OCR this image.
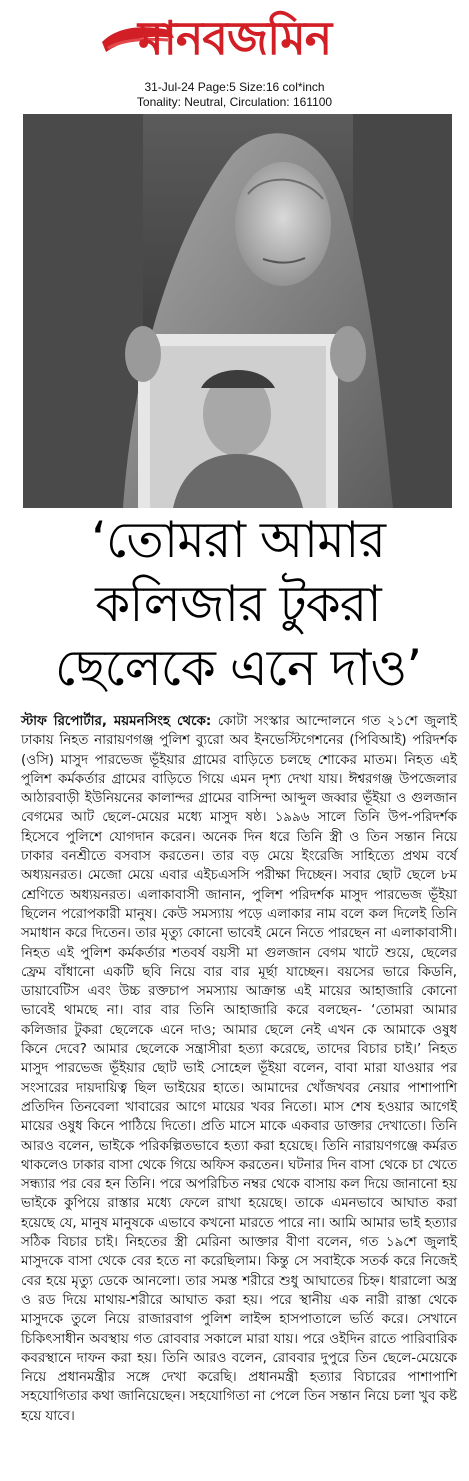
মানবজমিন
31-Jul-24 Page:5 Size:16 col*inch
Tonality: Neutral, Circulation: 161100
‘তোমরা আমার
কলিজার টুকরা
ছেলেকে এনে দাও’
স্টাফ রিপোর্টার, ময়মনসিংহ থেকে: কোটা সংস্কার আন্দোলনে গত ২১শে জুলাই ঢাকায় নিহত নারায়ণগঞ্জ পুলিশ ব্যুরো অব ইনভেস্টিগেশনের (পিবিআই) পরিদর্শক (ওসি) মাসুদ পারভেজ ভূঁইয়ার গ্রামের বাড়িতে চলছে শোকের মাতম। নিহত এই পুলিশ কর্মকর্তার গ্রামের বাড়িতে গিয়ে এমন দৃশ্য দেখা যায়। ঈশ্বরগঞ্জ উপজেলার আঠারবাড়ী ইউনিয়নের কালান্দর গ্রামের বাসিন্দা আব্দুল জব্বার ভূঁইয়া ও গুলজান বেগমের আট ছেলে-মেয়ের মধ্যে মাসুদ ষষ্ঠ। ১৯৯৬ সালে তিনি উপ-পরিদর্শক হিসেবে পুলিশে যোগদান করেন। অনেক দিন ধরে তিনি স্ত্রী ও তিন সন্তান নিয়ে ঢাকার বনশ্রীতে বসবাস করতেন। তার বড় মেয়ে ইংরেজি সাহিত্যে প্রথম বর্ষে অধ্যয়নরত। মেজো মেয়ে এবার এইচএসসি পরীক্ষা দিচ্ছেন। সবার ছোট ছেলে ৮ম শ্রেণিতে অধ্যয়নরত। এলাকাবাসী জানান, পুলিশ পরিদর্শক মাসুদ পারভেজ ভূঁইয়া ছিলেন পরোপকারী মানুষ। কেউ সমস্যায় পড়ে এলাকার নাম বলে কল দিলেই তিনি সমাধান করে দিতেন। তার মৃত্যু কোনো ভাবেই মেনে নিতে পারছেন না এলাকাবাসী। নিহত এই পুলিশ কর্মকর্তার শতবর্ষ বয়সী মা গুলজান বেগম খাটে শুয়ে, ছেলের ফ্রেম বাঁধানো একটি ছবি নিয়ে বার বার মূর্ছা যাচ্ছেন। বয়সের ভারে কিডনি, ডায়াবেটিস এবং উচ্চ রক্তচাপ সমস্যায় আক্রান্ত এই মায়ের আহাজারি কোনো ভাবেই থামছে না। বার বার তিনি আহাজারি করে বলছেন- ‘তোমরা আমার কলিজার টুকরা ছেলেকে এনে দাও; আমার ছেলে নেই এখন কে আমাকে ওষুধ কিনে দেবে? আমার ছেলেকে সন্ত্রাসীরা হত্যা করেছে, তাদের বিচার চাই।’ নিহত মাসুদ পারভেজ ভূঁইয়ার ছোট ভাই সোহেল ভূঁইয়া বলেন, বাবা মারা যাওয়ার পর সংসারের দায়দায়িত্ব ছিল ভাইয়ের হাতে। আমাদের খোঁজখবর নেয়ার পাশাপাশি প্রতিদিন তিনবেলা খাবারের আগে মায়ের খবর নিতো। মাস শেষ হওয়ার আগেই মায়ের ওষুধ কিনে পাঠিয়ে দিতো। প্রতি মাসে মাকে একবার ডাক্তার দেখাতো। তিনি আরও বলেন, ভাইকে পরিকল্পিতভাবে হত্যা করা হয়েছে। তিনি নারায়ণগঞ্জে কর্মরত থাকলেও ঢাকার বাসা থেকে গিয়ে অফিস করতেন। ঘটনার দিন বাসা থেকে চা খেতে সন্ধ্যার পর বের হন তিনি। পরে অপরিচিত নম্বর থেকে বাসায় কল দিয়ে জানানো হয় ভাইকে কুপিয়ে রাস্তার মধ্যে ফেলে রাখা হয়েছে। তাকে এমনভাবে আঘাত করা হয়েছে যে, মানুষ মানুষকে এভাবে কখনো মারতে পারে না। আমি আমার ভাই হত্যার সঠিক বিচার চাই। নিহতের স্ত্রী মেরিনা আক্তার বীণা বলেন, গত ১৯শে জুলাই মাসুদকে বাসা থেকে বের হতে না করেছিলাম। কিন্তু সে সবাইকে সতর্ক করে নিজেই বের হয়ে মৃত্যু ডেকে আনলো। তার সমস্ত শরীরে শুধু আঘাতের চিহ্ন। ধারালো অস্ত্র ও রড দিয়ে মাথায়-শরীরে আঘাত করা হয়। পরে স্থানীয় এক নারী রাস্তা থেকে মাসুদকে তুলে নিয়ে রাজারবাগ পুলিশ লাইন্স হাসপাতালে ভর্তি করে। সেখানে চিকিৎসাধীন অবস্থায় গত রোববার সকালে মারা যায়। পরে ওইদিন রাতে পারিবারিক কবরস্থানে দাফন করা হয়। তিনি আরও বলেন, রোববার দুপুরে তিন ছেলে-মেয়েকে নিয়ে প্রধানমন্ত্রীর সঙ্গে দেখা করেছি। প্রধানমন্ত্রী হত্যার বিচারের পাশাপাশি সহযোগিতার কথা জানিয়েছেন। সহযোগিতা না পেলে তিন সন্তান নিয়ে চলা খুব কষ্ট হয়ে যাবে।
